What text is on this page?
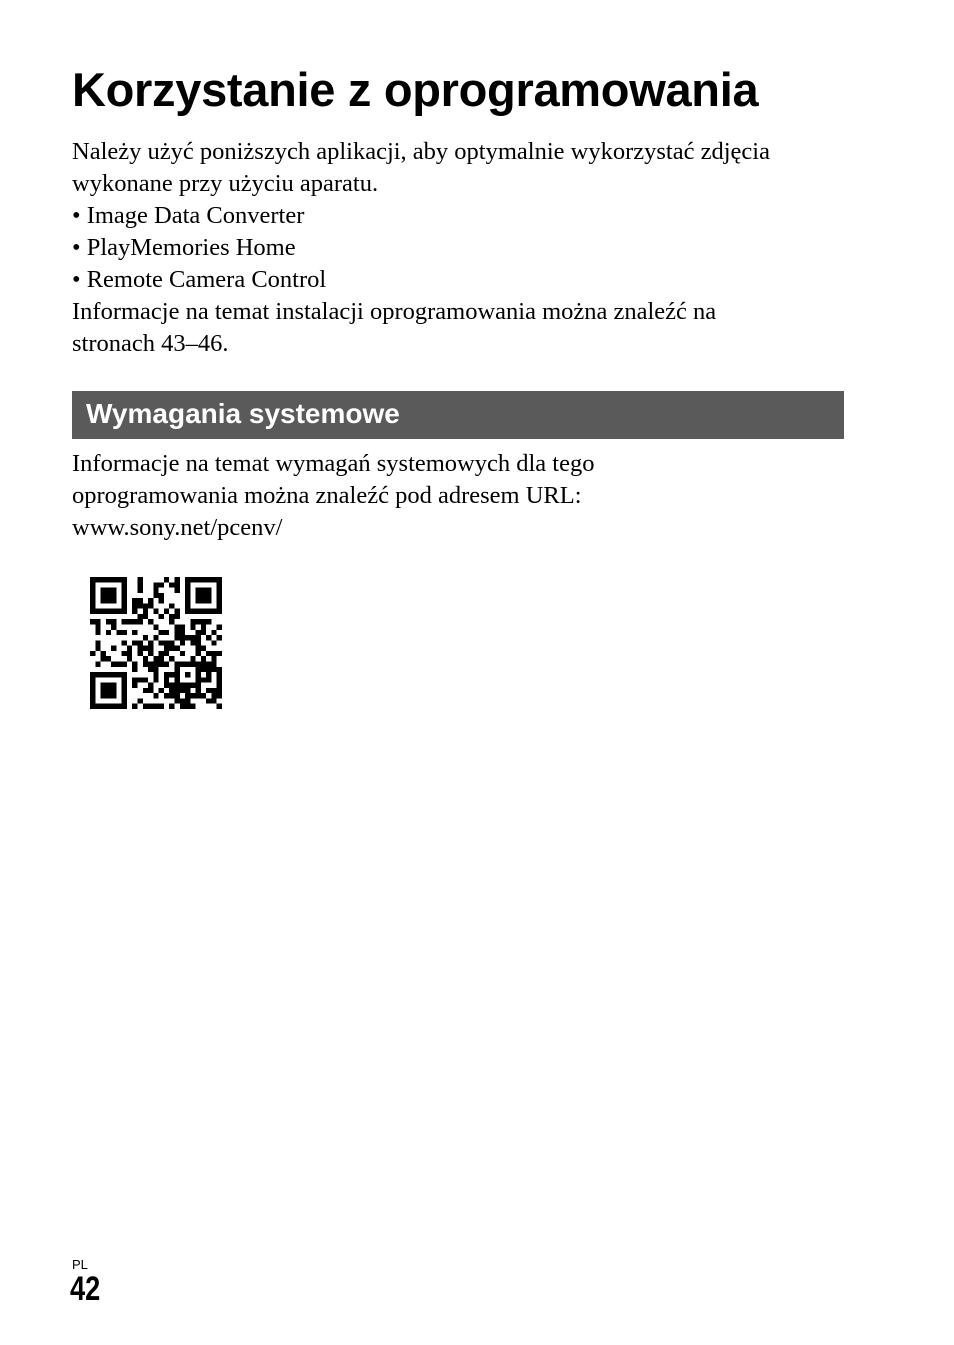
Korzystanie z oprogramowania

Należy użyć poniższych aplikacji, aby optymalnie wykorzystać zdjęcia

wykonane przy użyciu aparatu.

• Image Data Converter
• PlayMemories Home
• Remote Camera Control

Informacje na temat instalacji oprogramowania można znaleźć na

stronach 43–46.

Wymagania systemowe

Informacje na temat wymagań systemowych dla tego

oprogramowania można znaleźć pod adresem URL:

www.sony.net/pcenv/

PL
42
